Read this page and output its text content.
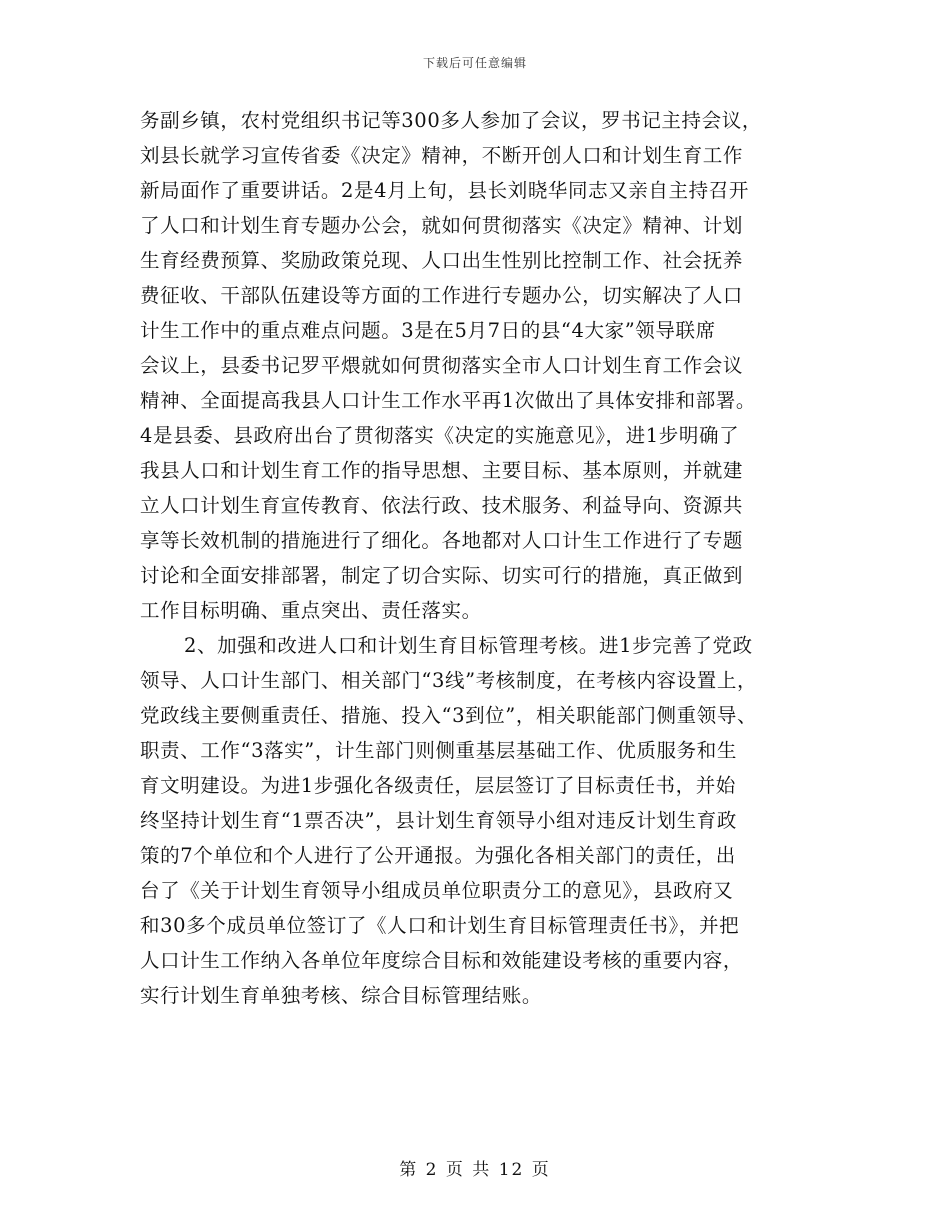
下载后可任意编辑
务副乡镇，农村党组织书记等300多人参加了会议，罗书记主持会议，
刘县长就学习宣传省委《决定》精神，不断开创人口和计划生育工作
新局面作了重要讲话。2是4月上旬，县长刘晓华同志又亲自主持召开
了人口和计划生育专题办公会，就如何贯彻落实《决定》精神、计划
生育经费预算、奖励政策兑现、人口出生性别比控制工作、社会抚养
费征收、干部队伍建设等方面的工作进行专题办公，切实解决了人口
计生工作中的重点难点问题。3是在5月7日的县“4大家”领导联席
会议上，县委书记罗平煨就如何贯彻落实全市人口计划生育工作会议
精神、全面提高我县人口计生工作水平再1次做出了具体安排和部署。
4是县委、县政府出台了贯彻落实《决定的实施意见》，进1步明确了
我县人口和计划生育工作的指导思想、主要目标、基本原则，并就建
立人口计划生育宣传教育、依法行政、技术服务、利益导向、资源共
享等长效机制的措施进行了细化。各地都对人口计生工作进行了专题
讨论和全面安排部署，制定了切合实际、切实可行的措施，真正做到
工作目标明确、重点突出、责任落实。
2、加强和改进人口和计划生育目标管理考核。进1步完善了党政
领导、人口计生部门、相关部门“3线”考核制度，在考核内容设置上，
党政线主要侧重责任、措施、投入“3到位”，相关职能部门侧重领导、
职责、工作“3落实”，计生部门则侧重基层基础工作、优质服务和生
育文明建设。为进1步强化各级责任，层层签订了目标责任书，并始
终坚持计划生育“1票否决”，县计划生育领导小组对违反计划生育政
策的7个单位和个人进行了公开通报。为强化各相关部门的责任，出
台了《关于计划生育领导小组成员单位职责分工的意见》，县政府又
和30多个成员单位签订了《人口和计划生育目标管理责任书》，并把
人口计生工作纳入各单位年度综合目标和效能建设考核的重要内容，
实行计划生育单独考核、综合目标管理结账。
第 2 页 共 12 页
